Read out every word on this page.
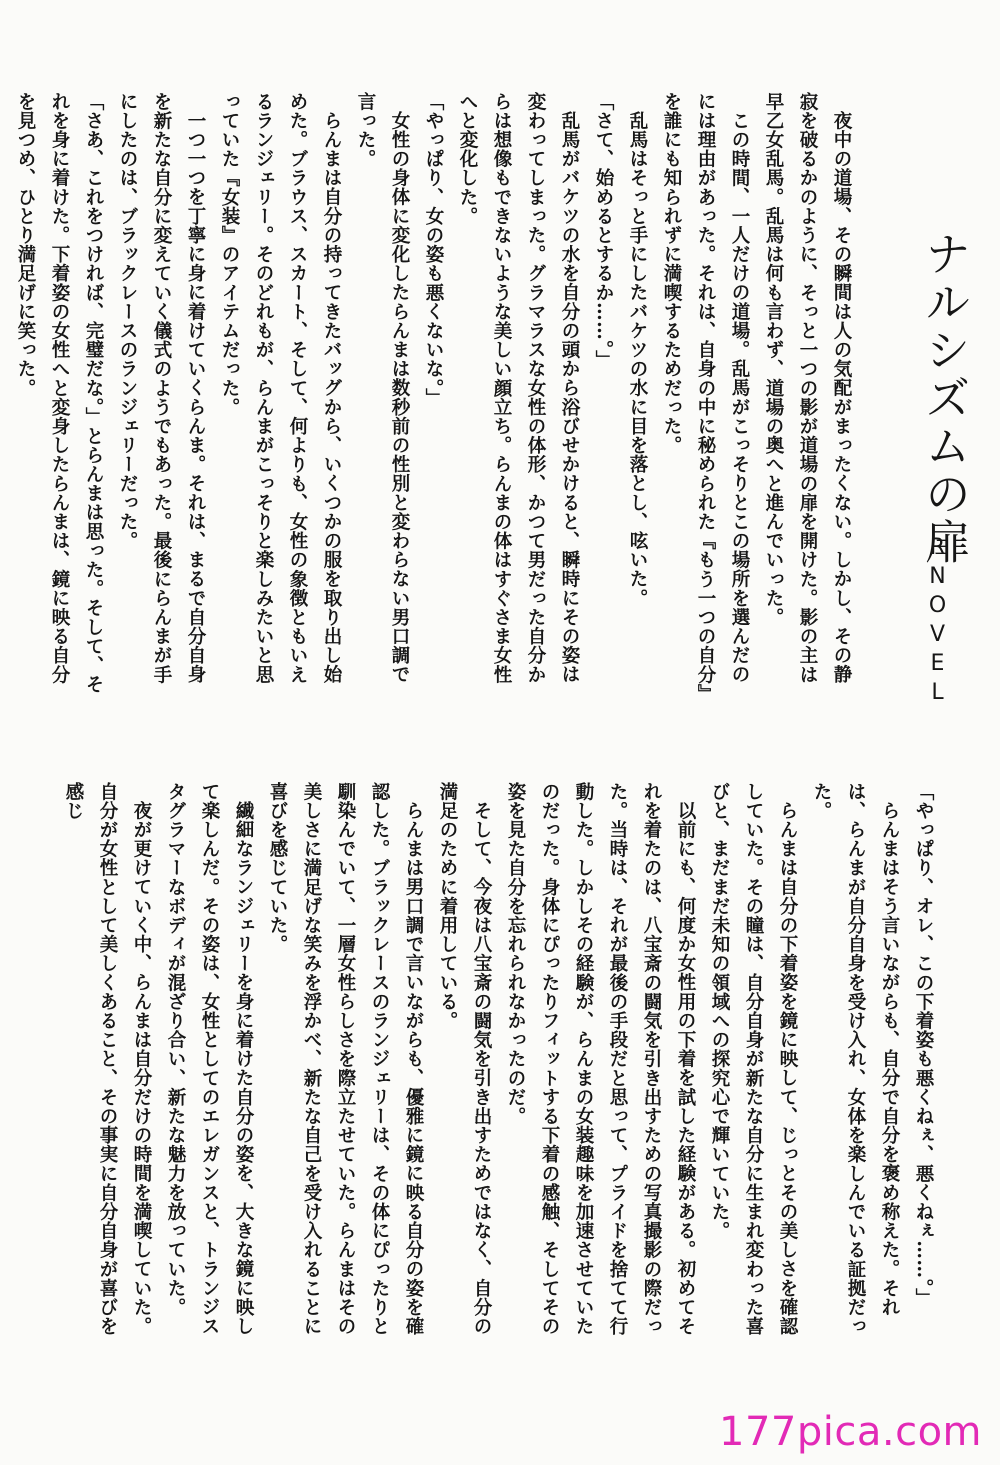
ナルシズムの扉
RNOVEL

夜中の道場、その瞬間は人の気配がまったくない。しかし、その静寂を破るかのように、そっと一つの影が道場の扉を開けた。影の主は早乙女乱馬。乱馬は何も言わず、道場の奥へと進んでいった。

この時間、一人だけの道場。乱馬がこっそりとこの場所を選んだのには理由があった。それは、自身の中に秘められた『もう一つの自分』を誰にも知られずに満喫するためだった。

乱馬はそっと手にしたバケツの水に目を落とし、呟いた。

「さて、始めるとするか……。」

乱馬がバケツの水を自分の頭から浴びせかけると、瞬時にその姿は変わってしまった。グラマラスな女性の体形、かつて男だった自分からは想像もできないような美しい顔立ち。らんまの体はすぐさま女性へと変化した。

「やっぱり、女の姿も悪くないな。」

女性の身体に変化したらんまは数秒前の性別と変わらない男口調で言った。

らんまは自分の持ってきたバッグから、いくつかの服を取り出し始めた。ブラウス、スカート、そして、何よりも、女性の象徴ともいえるランジェリー。そのどれもが、らんまがこっそりと楽しみたいと思っていた『女装』のアイテムだった。

一つ一つを丁寧に身に着けていくらんま。それは、まるで自分自身を新たな自分に変えていく儀式のようでもあった。最後にらんまが手にしたのは、ブラックレースのランジェリーだった。

「さあ、これをつければ、完璧だな。」とらんまは思った。そして、それを身に着けた。下着姿の女性へと変身したらんまは、鏡に映る自分を見つめ、ひとり満足げに笑った。

「やっぱり、オレ、この下着姿も悪くねぇ、悪くねぇ……。」

らんまはそう言いながらも、自分で自分を褒め称えた。それは、らんまが自分自身を受け入れ、女体を楽しんでいる証拠だった。

らんまは自分の下着姿を鏡に映して、じっとその美しさを確認していた。その瞳は、自分自身が新たな自分に生まれ変わった喜びと、まだまだ未知の領域への探究心で輝いていた。

以前にも、何度か女性用の下着を試した経験がある。初めてそれを着たのは、八宝斎の闘気を引き出すための写真撮影の際だった。当時は、それが最後の手段だと思って、プライドを捨てて行動した。しかしその経験が、らんまの女装趣味を加速させていたのだった。身体にぴったりフィットする下着の感触、そしてその姿を見た自分を忘れられなかったのだ。

そして、今夜は八宝斎の闘気を引き出すためではなく、自分の満足のために着用している。

らんまは男口調で言いながらも、優雅に鏡に映る自分の姿を確認した。ブラックレースのランジェリーは、その体にぴったりと馴染んでいて、一層女性らしさを際立たせていた。らんまはその美しさに満足げな笑みを浮かべ、新たな自己を受け入れることに喜びを感じていた。

繊細なランジェリーを身に着けた自分の姿を、大きな鏡に映して楽しんだ。その姿は、女性としてのエレガンスと、トランジスタグラマーなボディが混ざり合い、新たな魅力を放っていた。

夜が更けていく中、らんまは自分だけの時間を満喫していた。自分が女性として美しくあること、その事実に自分自身が喜びを感じ

177pica.com
